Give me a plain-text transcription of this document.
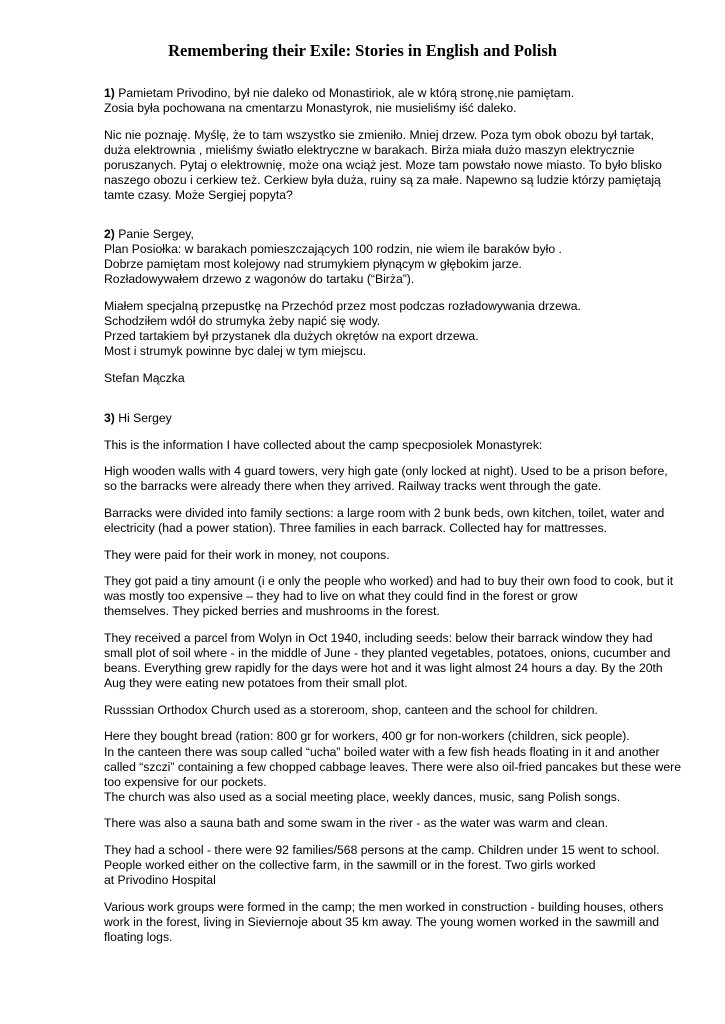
Remembering their Exile: Stories in English and Polish
1) Pamietam Privodino, był nie daleko od Monastiriok, ale w którą stronę,nie pamiętam.
Zosia była pochowana na cmentarzu Monastyrok, nie musieliśmy iść daleko.
Nic nie poznaję. Myślę, że to tam wszystko sie zmieniło. Mniej drzew. Poza tym obok obozu był tartak,
duża elektrownia , mieliśmy światło elektryczne w barakach. Birża miała dużo maszyn elektrycznie
poruszanych. Pytaj o elektrownię, może ona wciąż jest. Moze tam powstało nowe miasto. To było blisko
naszego obozu i cerkiew też. Cerkiew była duża, ruiny są za małe. Napewno są ludzie którzy pamiętają
tamte czasy. Może Sergiej popyta?
2) Panie Sergey,
Plan Posiołka: w barakach pomieszczających 100 rodzin, nie wiem ile baraków było .
Dobrze pamiętam most kolejowy nad strumykiem płynącym w głębokim jarze.
Rozładowywałem drzewo z wagonów do tartaku (“Birża”).
Miałem specjalną przepustkę na Przechód przez most podczas rozładowywania drzewa.
Schodziłem wdół do strumyka żeby napić się wody.
Przed tartakiem był przystanek dla dużych okrętów na export drzewa.
Most i strumyk powinne byc dalej w tym miejscu.
Stefan Mączka
3) Hi Sergey
This is the information I have collected about the camp specposiolek Monastyrek:
High wooden walls with 4 guard towers, very high gate (only locked at night). Used to be a prison before,
so the barracks were already there when they arrived. Railway tracks went through the gate.
Barracks were divided into family sections: a large room with 2 bunk beds, own kitchen, toilet, water and
electricity (had a power station). Three families in each barrack. Collected hay for mattresses.
They were paid for their work in money, not coupons.
They got paid a tiny amount (i e only the people who worked) and had to buy their own food to cook, but it
was mostly too expensive – they had to live on what they could find in the forest or grow
themselves. They picked berries and mushrooms in the forest.
They received a parcel from Wolyn in Oct 1940, including seeds: below their barrack window they had
small plot of soil where - in the middle of June - they planted vegetables, potatoes, onions, cucumber and
beans. Everything grew rapidly for the days were hot and it was light almost 24 hours a day. By the 20th
Aug they were eating new potatoes from their small plot.
Russsian Orthodox Church used as a storeroom, shop, canteen and the school for children.
Here they bought bread (ration: 800 gr for workers, 400 gr for non-workers (children, sick people).
In the canteen there was soup called “ucha” boiled water with a few fish heads floating in it and another
called “szczi” containing a few chopped cabbage leaves. There were also oil-fried pancakes but these were
too expensive for our pockets.
The church was also used as a social meeting place, weekly dances, music, sang Polish songs.
There was also a sauna bath and some swam in the river - as the water was warm and clean.
They had a school - there were 92 families/568 persons at the camp. Children under 15 went to school.
People worked either on the collective farm, in the sawmill or in the forest. Two girls worked
at Privodino Hospital
Various work groups were formed in the camp; the men worked in construction - building houses, others
work in the forest, living in Sieviernoje about 35 km away. The young women worked in the sawmill and
floating logs.
